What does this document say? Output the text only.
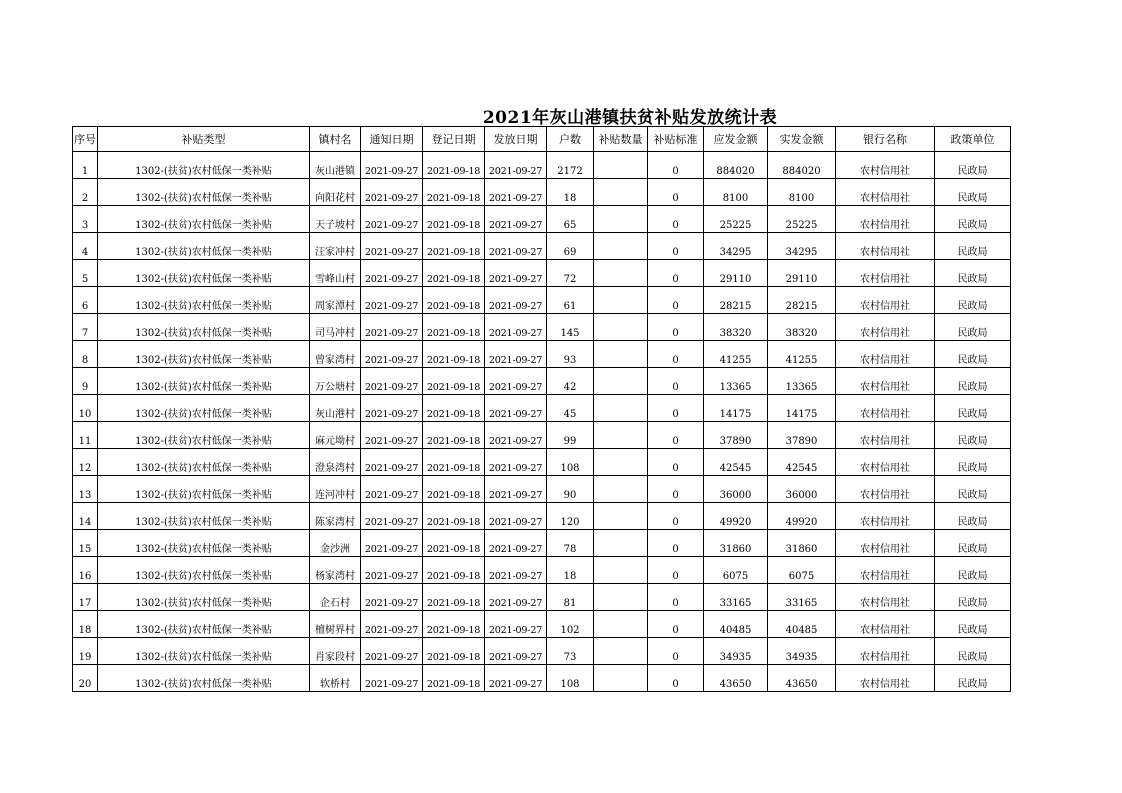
2021年灰山港镇扶贫补贴发放统计表
序号	补贴类型	镇村名	通知日期	登记日期	发放日期	户数	补贴数量	补贴标准	应发金额	实发金额	银行名称	政策单位
1	1302-(扶贫)农村低保一类补贴	灰山港镇	2021-09-27	2021-09-18	2021-09-27	2172		0	884020	884020	农村信用社	民政局
2	1302-(扶贫)农村低保一类补贴	向阳花村	2021-09-27	2021-09-18	2021-09-27	18		0	8100	8100	农村信用社	民政局
3	1302-(扶贫)农村低保一类补贴	天子坡村	2021-09-27	2021-09-18	2021-09-27	65		0	25225	25225	农村信用社	民政局
4	1302-(扶贫)农村低保一类补贴	汪家冲村	2021-09-27	2021-09-18	2021-09-27	69		0	34295	34295	农村信用社	民政局
5	1302-(扶贫)农村低保一类补贴	雪峰山村	2021-09-27	2021-09-18	2021-09-27	72		0	29110	29110	农村信用社	民政局
6	1302-(扶贫)农村低保一类补贴	周家潭村	2021-09-27	2021-09-18	2021-09-27	61		0	28215	28215	农村信用社	民政局
7	1302-(扶贫)农村低保一类补贴	司马冲村	2021-09-27	2021-09-18	2021-09-27	145		0	38320	38320	农村信用社	民政局
8	1302-(扶贫)农村低保一类补贴	曾家湾村	2021-09-27	2021-09-18	2021-09-27	93		0	41255	41255	农村信用社	民政局
9	1302-(扶贫)农村低保一类补贴	万公塘村	2021-09-27	2021-09-18	2021-09-27	42		0	13365	13365	农村信用社	民政局
10	1302-(扶贫)农村低保一类补贴	灰山港村	2021-09-27	2021-09-18	2021-09-27	45		0	14175	14175	农村信用社	民政局
11	1302-(扶贫)农村低保一类补贴	麻元坳村	2021-09-27	2021-09-18	2021-09-27	99		0	37890	37890	农村信用社	民政局
12	1302-(扶贫)农村低保一类补贴	澄泉湾村	2021-09-27	2021-09-18	2021-09-27	108		0	42545	42545	农村信用社	民政局
13	1302-(扶贫)农村低保一类补贴	连河冲村	2021-09-27	2021-09-18	2021-09-27	90		0	36000	36000	农村信用社	民政局
14	1302-(扶贫)农村低保一类补贴	陈家湾村	2021-09-27	2021-09-18	2021-09-27	120		0	49920	49920	农村信用社	民政局
15	1302-(扶贫)农村低保一类补贴	金沙洲	2021-09-27	2021-09-18	2021-09-27	78		0	31860	31860	农村信用社	民政局
16	1302-(扶贫)农村低保一类补贴	杨家湾村	2021-09-27	2021-09-18	2021-09-27	18		0	6075	6075	农村信用社	民政局
17	1302-(扶贫)农村低保一类补贴	企石村	2021-09-27	2021-09-18	2021-09-27	81		0	33165	33165	农村信用社	民政局
18	1302-(扶贫)农村低保一类补贴	檀树界村	2021-09-27	2021-09-18	2021-09-27	102		0	40485	40485	农村信用社	民政局
19	1302-(扶贫)农村低保一类补贴	肖家段村	2021-09-27	2021-09-18	2021-09-27	73		0	34935	34935	农村信用社	民政局
20	1302-(扶贫)农村低保一类补贴	软桥村	2021-09-27	2021-09-18	2021-09-27	108		0	43650	43650	农村信用社	民政局
